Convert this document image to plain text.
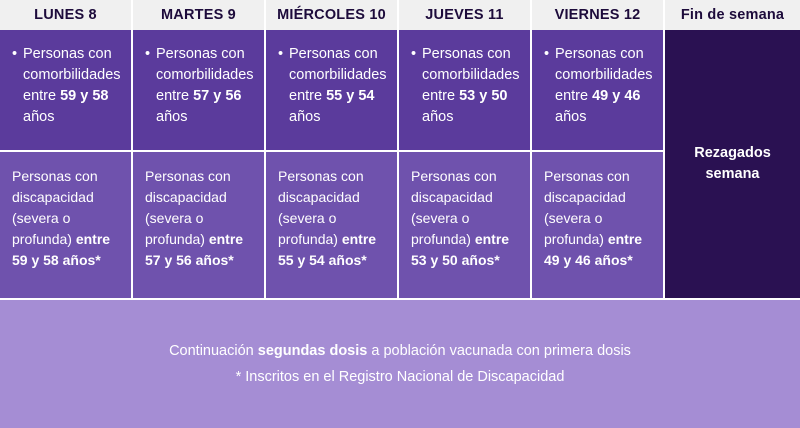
LUNES 8
• Personas con comorbilidades entre 59 y 58 años
Personas con discapacidad (severa o profunda) entre 59 y 58 años*
MARTES 9
• Personas con comorbilidades entre 57 y 56 años
Personas con discapacidad (severa o profunda) entre 57 y 56 años*
MIÉRCOLES 10
• Personas con comorbilidades entre 55 y 54 años
Personas con discapacidad (severa o profunda) entre 55 y 54 años*
JUEVES 11
• Personas con comorbilidades entre 53 y 50 años
Personas con discapacidad (severa o profunda) entre 53 y 50 años*
VIERNES 12
• Personas con comorbilidades entre 49 y 46 años
Personas con discapacidad (severa o profunda) entre 49 y 46 años*
Fin de semana
Rezagados semana
Continuación segundas dosis a población vacunada con primera dosis
* Inscritos en el Registro Nacional de Discapacidad
